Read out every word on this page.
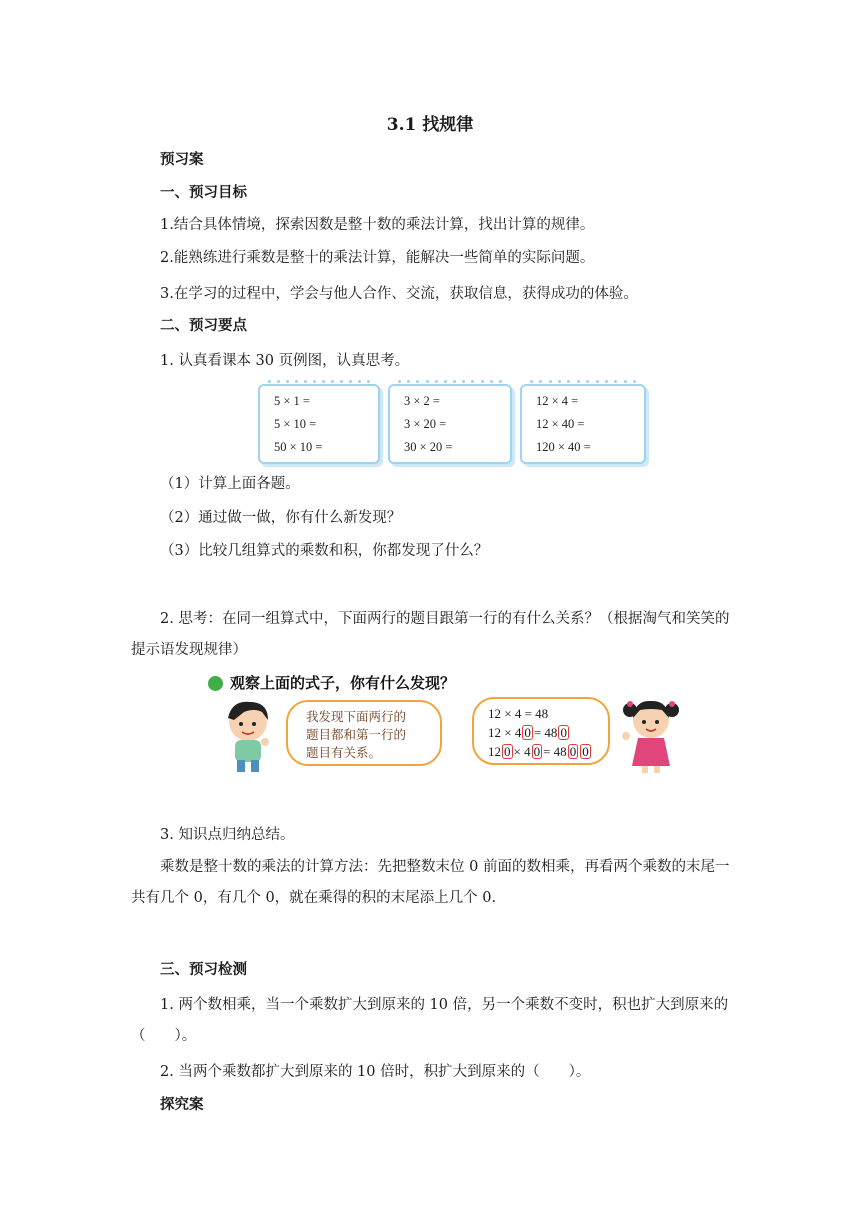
3.1 找规律
预习案
一、预习目标
1.结合具体情境，探索因数是整十数的乘法计算，找出计算的规律。
2.能熟练进行乘数是整十的乘法计算，能解决一些简单的实际问题。
3.在学习的过程中，学会与他人合作、交流，获取信息，获得成功的体验。
二、预习要点
1. 认真看课本 30 页例图，认真思考。
5 × 1 =
5 × 10 =
50 × 10 =
3 × 2 =
3 × 20 =
30 × 20 =
12 × 4 =
12 × 40 =
120 × 40 =
（1）计算上面各题。
（2）通过做一做，你有什么新发现？
（3）比较几组算式的乘数和积，你都发现了什么？
2. 思考：在同一组算式中，下面两行的题目跟第一行的有什么关系？（根据淘气和笑笑的提示语发现规律）
观察上面的式子，你有什么发现？
我发现下面两行的
题目都和第一行的
题目有关系。
12 × 4 = 48
12 × 4 0 = 48 0
12 0 × 4 0 = 48 0 0
3. 知识点归纳总结。
乘数是整十数的乘法的计算方法：先把整数末位 0 前面的数相乘，再看两个乘数的末尾一共有几个 0，有几个 0，就在乘得的积的末尾添上几个 0.
三、预习检测
1. 两个数相乘，当一个乘数扩大到原来的 10 倍，另一个乘数不变时，积也扩大到原来的（　　）。
2. 当两个乘数都扩大到原来的 10 倍时，积扩大到原来的（　　）。
探究案
